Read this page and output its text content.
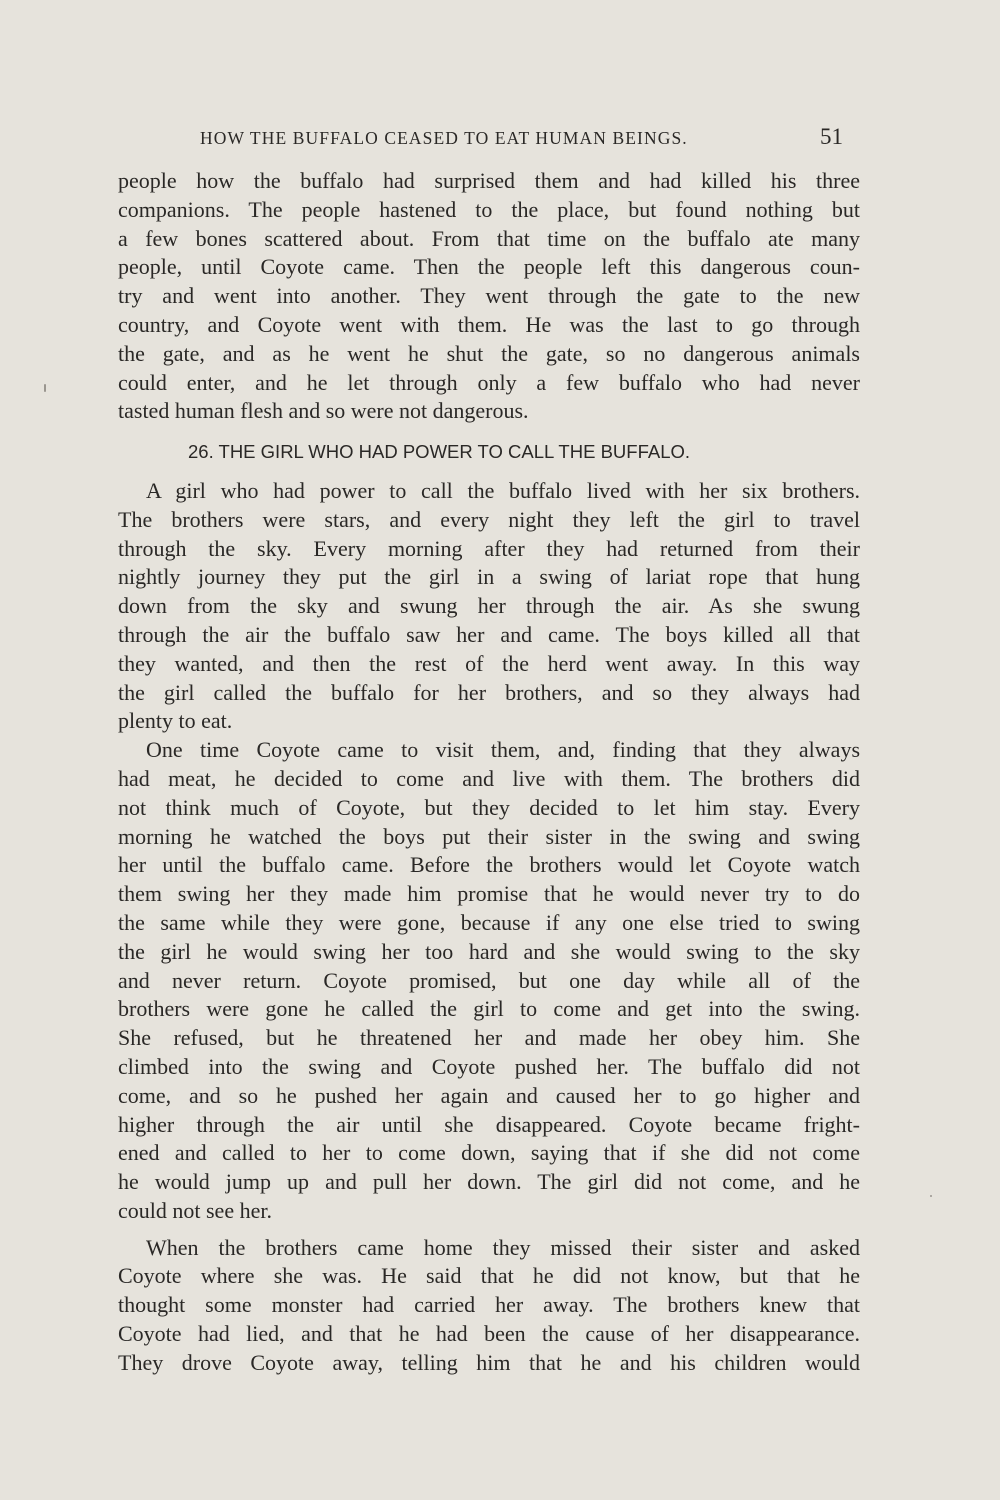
HOW THE BUFFALO CEASED TO EAT HUMAN BEINGS.	51
people how the buffalo had surprised them and had killed his three
companions. The people hastened to the place, but found nothing but
a few bones scattered about. From that time on the buffalo ate many
people, until Coyote came. Then the people left this dangerous coun-
try and went into another. They went through the gate to the new
country, and Coyote went with them. He was the last to go through
the gate, and as he went he shut the gate, so no dangerous animals
could enter, and he let through only a few buffalo who had never
tasted human flesh and so were not dangerous.
26. THE GIRL WHO HAD POWER TO CALL THE BUFFALO.
A girl who had power to call the buffalo lived with her six brothers.
The brothers were stars, and every night they left the girl to travel
through the sky. Every morning after they had returned from their
nightly journey they put the girl in a swing of lariat rope that hung
down from the sky and swung her through the air. As she swung
through the air the buffalo saw her and came. The boys killed all that
they wanted, and then the rest of the herd went away. In this way
the girl called the buffalo for her brothers, and so they always had
plenty to eat.
One time Coyote came to visit them, and, finding that they always
had meat, he decided to come and live with them. The brothers did
not think much of Coyote, but they decided to let him stay. Every
morning he watched the boys put their sister in the swing and swing
her until the buffalo came. Before the brothers would let Coyote watch
them swing her they made him promise that he would never try to do
the same while they were gone, because if any one else tried to swing
the girl he would swing her too hard and she would swing to the sky
and never return. Coyote promised, but one day while all of the
brothers were gone he called the girl to come and get into the swing.
She refused, but he threatened her and made her obey him. She
climbed into the swing and Coyote pushed her. The buffalo did not
come, and so he pushed her again and caused her to go higher and
higher through the air until she disappeared. Coyote became fright-
ened and called to her to come down, saying that if she did not come
he would jump up and pull her down. The girl did not come, and he
could not see her.
When the brothers came home they missed their sister and asked
Coyote where she was. He said that he did not know, but that he
thought some monster had carried her away. The brothers knew that
Coyote had lied, and that he had been the cause of her disappearance.
They drove Coyote away, telling him that he and his children would
